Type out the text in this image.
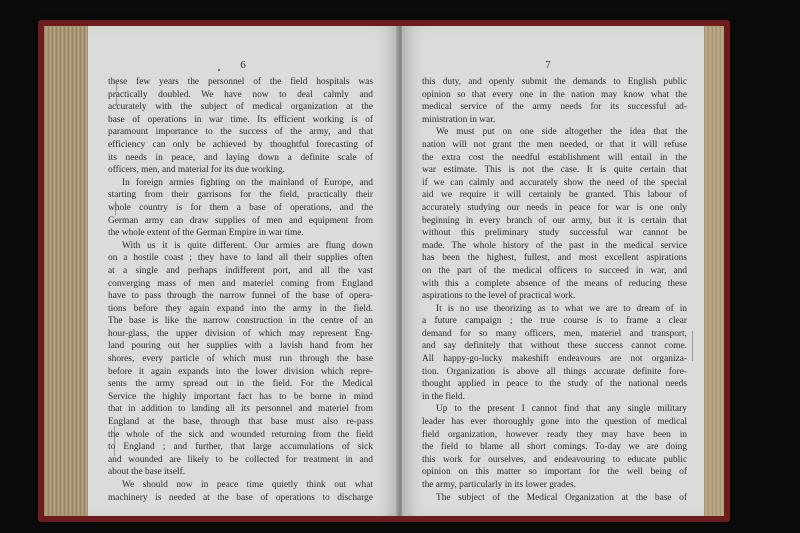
6
these few years the personnel of the field hospitals was
practically doubled. We have now to deal calmly and
accurately with the subject of medical organization at the
base of operations in war time. Its efficient working is of
paramount importance to the success of the army, and that
efficiency can only be achieved by thoughtful forecasting of
its needs in peace, and laying down a definite scale of
officers, men, and material for its due working.
In foreign armies fighting on the mainland of Europe, and
starting from their garrisons for the field, practically their
whole country is for them a base of operations, and the
German army can draw supplies of men and equipment from
the whole extent of the German Empire in war time.
With us it is quite different. Our armies are flung down
on a hostile coast ; they have to land all their supplies often
at a single and perhaps indifferent port, and all the vast
converging mass of men and materiel coming from England
have to pass through the narrow funnel of the base of opera-
tions before they again expand into the army in the field.
The base is like the narrow construction in the centre of an
hour-glass, the upper division of which may represent Eng-
land pouring out her supplies with a lavish hand from her
shores, every particle of which must run through the base
before it again expands into the lower division which repre-
sents the army spread out in the field. For the Medical
Service the highly important fact has to be borne in mind
that in addition to landing all its personnel and materiel from
England at the base, through that base must also re-pass
the whole of the sick and wounded returning from the field
to England ; and further, that large accumulations of sick
and wounded are likely to be collected for treatment in and
about the base itself.
We should now in peace time quietly think out what
machinery is needed at the base of operations to discharge
7
this duty, and openly submit the demands to English public
opinion so that every one in the nation may know what the
medical service of the army needs for its successful ad-
ministration in war.
We must put on one side altogether the idea that the
nation will not grant the men needed, or that it will refuse
the extra cost the needful establishment will entail in the
war estimate. This is not the case. It is quite certain that
if we can calmly and accurately show the need of the special
aid we require it will certainly be granted. This labour of
accurately studying our needs in peace for war is one only
beginning in every branch of our army, but it is certain that
without this preliminary study successful war cannot be
made. The whole history of the past in the medical service
has been the highest, fullest, and most excellent aspirations
on the part of the medical officers to succeed in war, and
with this a complete absence of the means of reducing these
aspirations to the level of practical work.
It is no use theorizing as to what we are to dream of in
a future campaign ; the true course is to frame a clear
demand for so many officers, men, materiel and transport,
and say definitely that without these success cannot come.
All happy-go-lucky makeshift endeavours are not organiza-
tion. Organization is above all things accurate definite fore-
thought applied in peace to the study of the national needs
in the field.
Up to the present I cannot find that any single military
leader has ever thoroughly gone into the question of medical
field organization, however ready they may have been in
the field to blame all short comings. To-day we are doing
this work for ourselves, and endeavouring to educate public
opinion on this matter so important for the well being of
the army, particularly in its lower grades.
The subject of the Medical Organization at the base of
